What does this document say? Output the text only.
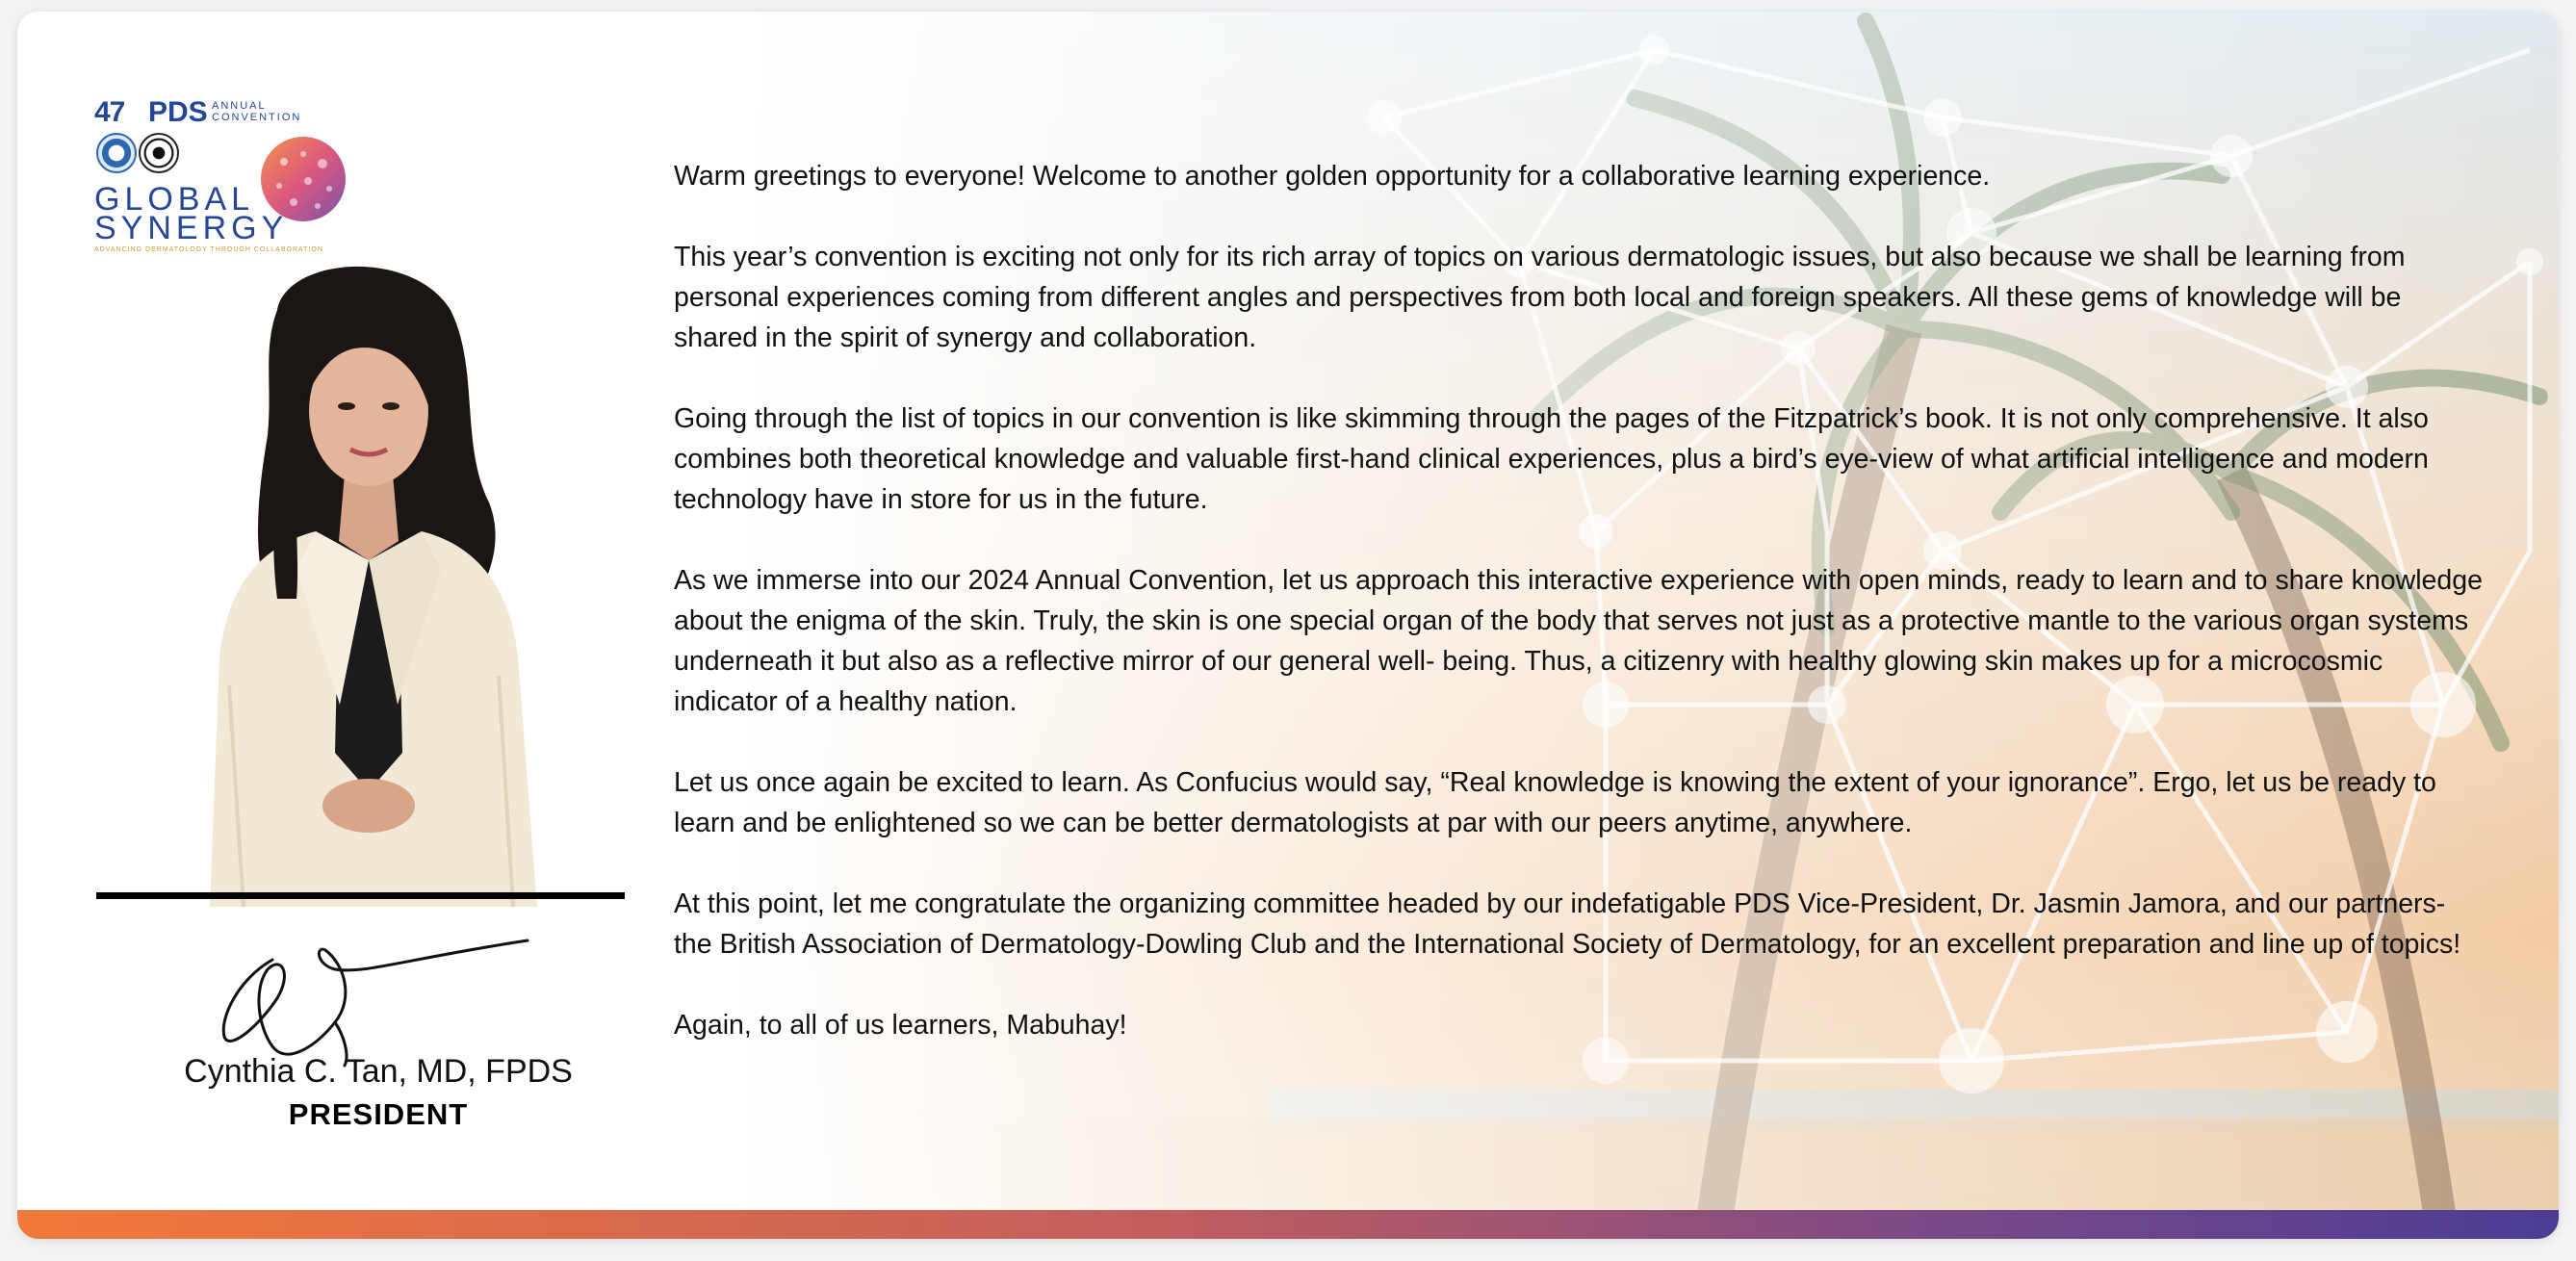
47 PDS ANNUAL
CONVENTION
GLOBAL
SYNERGY
ADVANCING DERMATOLOGY THROUGH COLLABORATION
Cynthia C. Tan, MD, FPDS
PRESIDENT

Warm greetings to everyone! Welcome to another golden opportunity for a collaborative learning experience.

This year’s convention is exciting not only for its rich array of topics on various dermatologic issues, but also because we shall be learning from personal experiences coming from different angles and perspectives from both local and foreign speakers. All these gems of knowledge will be shared in the spirit of synergy and collaboration.

Going through the list of topics in our convention is like skimming through the pages of the Fitzpatrick’s book. It is not only comprehensive. It also combines both theoretical knowledge and valuable first-hand clinical experiences, plus a bird’s eye-view of what artificial intelligence and modern technology have in store for us in the future.

As we immerse into our 2024 Annual Convention, let us approach this interactive experience with open minds, ready to learn and to share knowledge about the enigma of the skin. Truly, the skin is one special organ of the body that serves not just as a protective mantle to the various organ systems underneath it but also as a reflective mirror of our general well- being. Thus, a citizenry with healthy glowing skin makes up for a microcosmic indicator of a healthy nation.

Let us once again be excited to learn. As Confucius would say, “Real knowledge is knowing the extent of your ignorance”. Ergo, let us be ready to learn and be enlightened so we can be better dermatologists at par with our peers anytime, anywhere.

At this point, let me congratulate the organizing committee headed by our indefatigable PDS Vice-President, Dr. Jasmin Jamora, and our partners- the British Association of Dermatology-Dowling Club and the International Society of Dermatology, for an excellent preparation and line up of topics!

Again, to all of us learners, Mabuhay!
